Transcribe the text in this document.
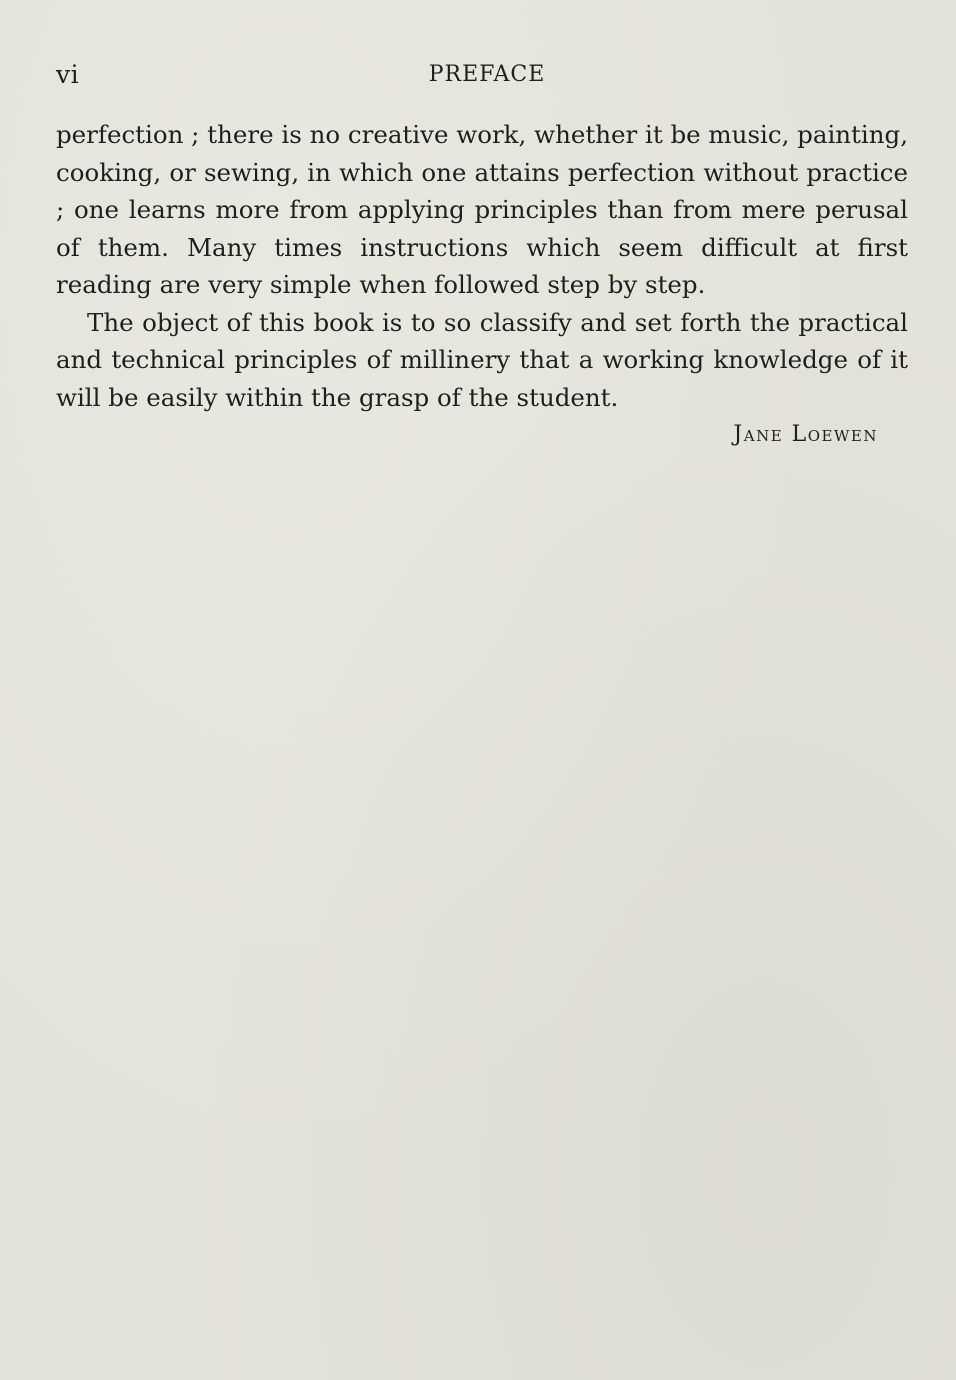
vi	PREFACE

perfection ; there is no creative work, whether it be music, painting, cooking, or sewing, in which one attains perfection without practice ; one learns more from applying principles than from mere perusal of them. Many times instructions which seem difficult at first reading are very simple when followed step by step.

The object of this book is to so classify and set forth the practical and technical principles of millinery that a working knowledge of it will be easily within the grasp of the student.

Jane Loewen
